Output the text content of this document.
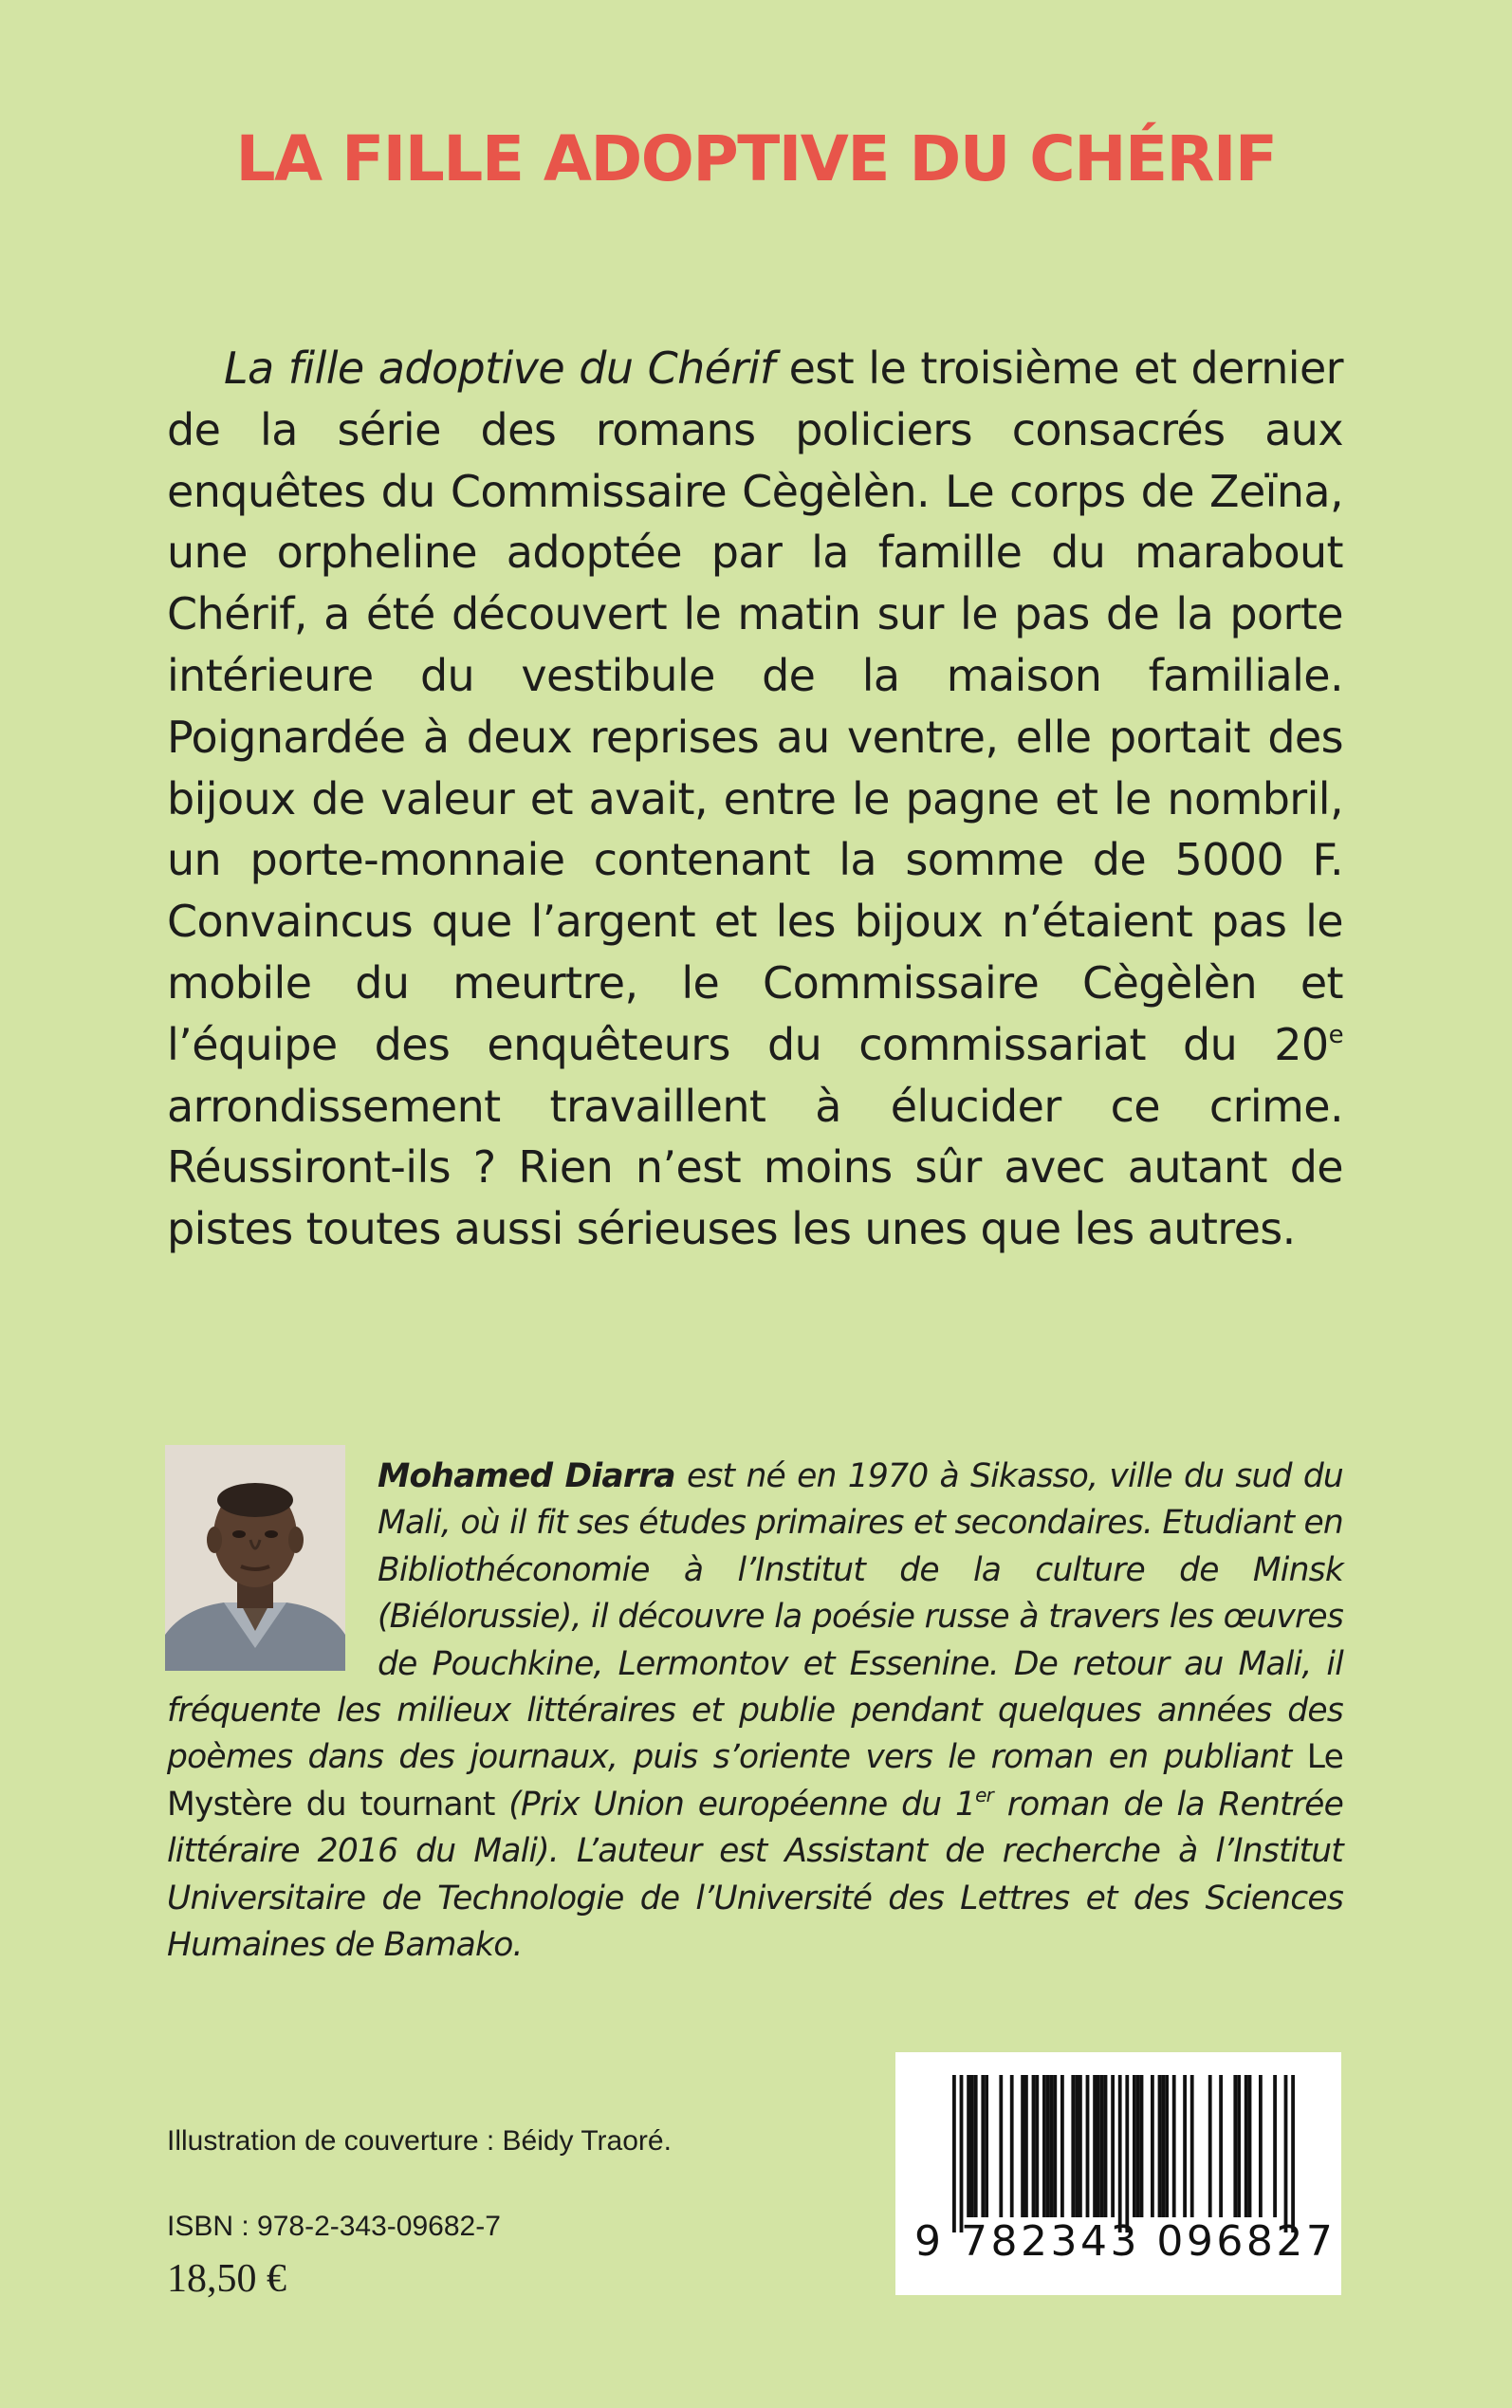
LA FILLE ADOPTIVE DU CHÉRIF

La fille adoptive du Chérif est le troisième et dernier de la série des romans policiers consacrés aux enquêtes du Commissaire Cègèlèn. Le corps de Zeïna, une orpheline adoptée par la famille du marabout Chérif, a été découvert le matin sur le pas de la porte intérieure du vestibule de la maison familiale. Poignardée à deux reprises au ventre, elle portait des bijoux de valeur et avait, entre le pagne et le nombril, un porte-monnaie contenant la somme de 5000 F. Convaincus que l’argent et les bijoux n’étaient pas le mobile du meurtre, le Commissaire Cègèlèn et l’équipe des enquêteurs du commissariat du 20e arrondissement travaillent à élucider ce crime. Réussiront-ils ? Rien n’est moins sûr avec autant de pistes toutes aussi sérieuses les unes que les autres.

Mohamed Diarra est né en 1970 à Sikasso, ville du sud du Mali, où il fit ses études primaires et secondaires. Etudiant en Bibliothéconomie à l’Institut de la culture de Minsk (Biélorussie), il découvre la poésie russe à travers les œuvres de Pouchkine, Lermontov et Essenine. De retour au Mali, il fréquente les milieux littéraires et publie pendant quelques années des poèmes dans des journaux, puis s’oriente vers le roman en publiant Le Mystère du tournant (Prix Union européenne du 1er roman de la Rentrée littéraire 2016 du Mali). L’auteur est Assistant de recherche à l’Institut Universitaire de Technologie de l’Université des Lettres et des Sciences Humaines de Bamako.

Illustration de couverture : Béidy Traoré.

ISBN : 978-2-343-09682-7

18,50 €

9 782343 096827
